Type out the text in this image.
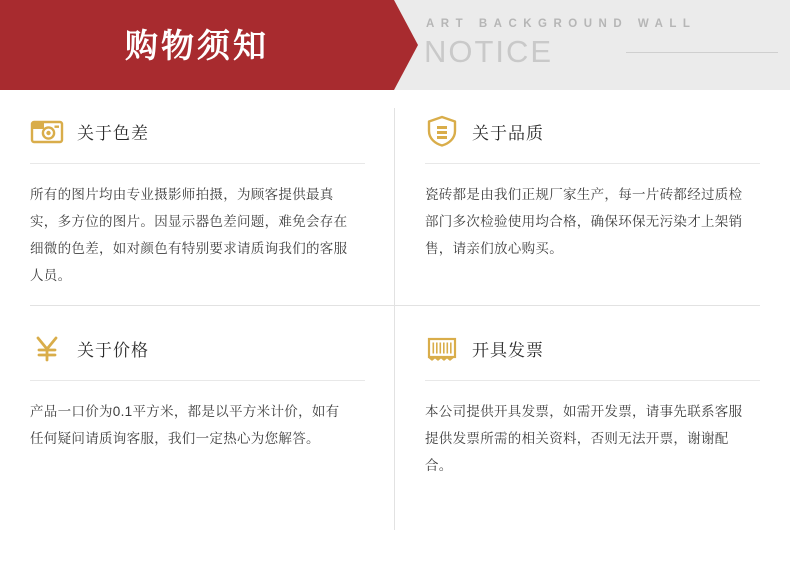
购物须知
ART BACKGROUND WALL
NOTICE
关于色差

所有的图片均由专业摄影师拍摄，为顾客提供最真实，多方位的图片。因显示器色差问题，难免会存在细微的色差，如对颜色有特别要求请质询我们的客服人员。

关于品质

瓷砖都是由我们正规厂家生产，每一片砖都经过质检部门多次检验使用均合格，确保环保无污染才上架销售，请亲们放心购买。

关于价格

产品一口价为0.1平方米，都是以平方米计价，如有任何疑问请质询客服，我们一定热心为您解答。

开具发票

本公司提供开具发票，如需开发票，请事先联系客服提供发票所需的相关资料，否则无法开票，谢谢配合。
